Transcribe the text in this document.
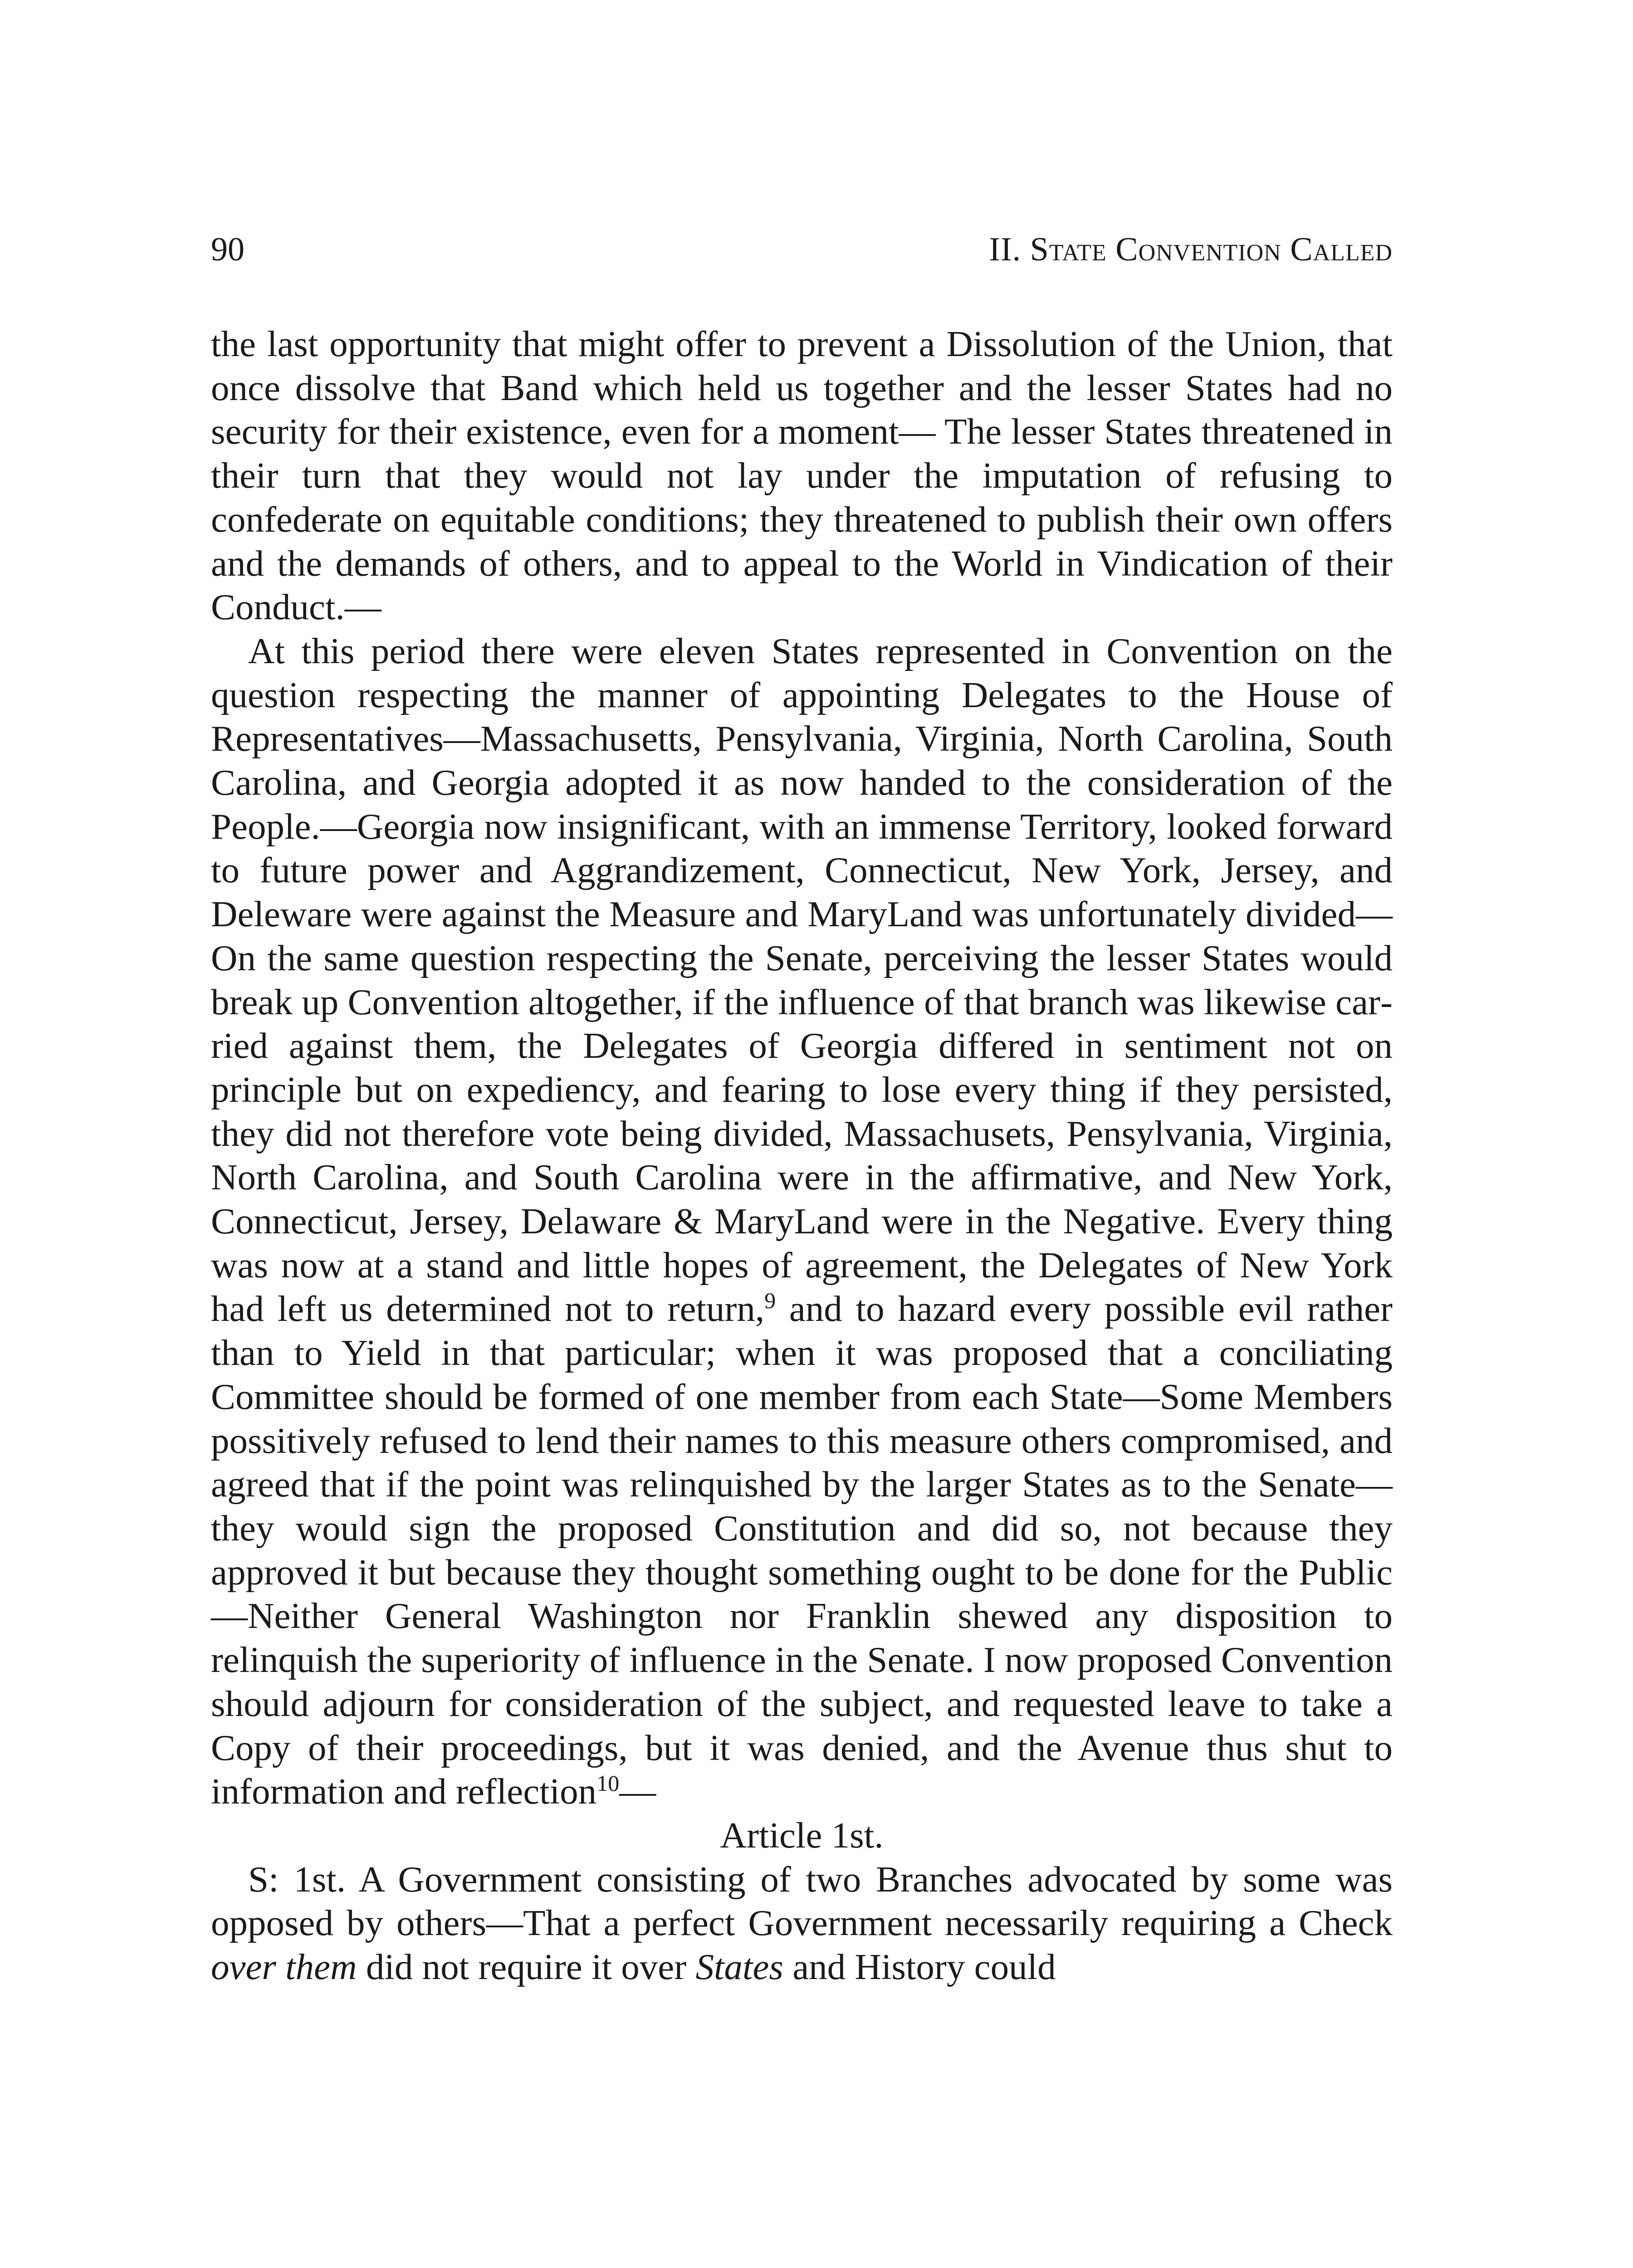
90	II. State Convention Called

the last opportunity that might offer to prevent a Dissolution of the Union, that once dissolve that Band which held us together and the lesser States had no security for their existence, even for a moment— The lesser States threatened in their turn that they would not lay under the imputation of refusing to confederate on equitable conditions; they threatened to publish their own offers and the demands of others, and to appeal to the World in Vindication of their Conduct.—

At this period there were eleven States represented in Convention on the question respecting the manner of appointing Delegates to the House of Representatives—Massachusetts, Pensylvania, Virginia, North Carolina, South Carolina, and Georgia adopted it as now handed to the consideration of the People.—Georgia now insignificant, with an immense Territory, looked forward to future power and Aggrandizement, Connecticut, New York, Jersey, and Deleware were against the Measure and MaryLand was unfortunately divided—On the same question respecting the Senate, perceiving the lesser States would break up Convention altogether, if the influence of that branch was likewise carried against them, the Delegates of Georgia differed in sentiment not on principle but on expediency, and fearing to lose every thing if they persisted, they did not therefore vote being divided, Massachusets, Pensylvania, Virginia, North Carolina, and South Carolina were in the affirmative, and New York, Connecticut, Jersey, Delaware & MaryLand were in the Negative. Every thing was now at a stand and little hopes of agreement, the Delegates of New York had left us determined not to return,$^9$ and to hazard every possible evil rather than to Yield in that particular; when it was proposed that a conciliating Committee should be formed of one member from each State—Some Members possitively refused to lend their names to this measure others compromised, and agreed that if the point was relinquished by the larger States as to the Senate—they would sign the proposed Constitution and did so, not because they approved it but because they thought something ought to be done for the Public—Neither General Washington nor Franklin shewed any disposition to relinquish the superiority of influence in the Senate. I now proposed Convention should adjourn for consideration of the subject, and requested leave to take a Copy of their proceedings, but it was denied, and the Avenue thus shut to information and reflection$^{10}$—

Article 1st.

S: 1st. A Government consisting of two Branches advocated by some was opposed by others—That a perfect Government necessarily requiring a Check over them did not require it over States and History could
